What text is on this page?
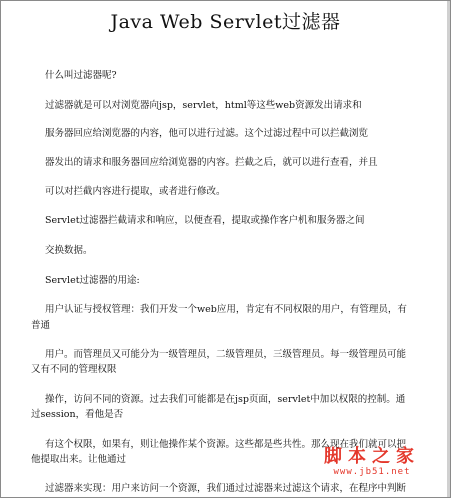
Java Web Servlet过滤器
什么叫过滤器呢?
过滤器就是可以对浏览器向jsp，servlet，html等这些web资源发出请求和
服务器回应给浏览器的内容，他可以进行过滤。这个过滤过程中可以拦截浏览
器发出的请求和服务器回应给浏览器的内容。拦截之后，就可以进行查看，并且
可以对拦截内容进行提取，或者进行修改。
Servlet过滤器拦截请求和响应，以便查看，提取或操作客户机和服务器之间
交换数据。
Servlet过滤器的用途:
用户认证与授权管理：我们开发一个web应用，肯定有不同权限的用户，有管理员，有
普通
用户。而管理员又可能分为一级管理员，二级管理员，三级管理员。每一级管理员可能
又有不同的管理权限
操作，访问不同的资源。过去我们可能都是在jsp页面，servlet中加以权限的控制。通
过session，看他是否
有这个权限，如果有，则让他操作某个资源。这些都是些共性。那么现在我们就可以把
他提取出来。让他通过
过滤器来实现：用户来访问一个资源，我们通过过滤器来过滤这个请求，在程序中判断
脚本之家
www.jb51.net
